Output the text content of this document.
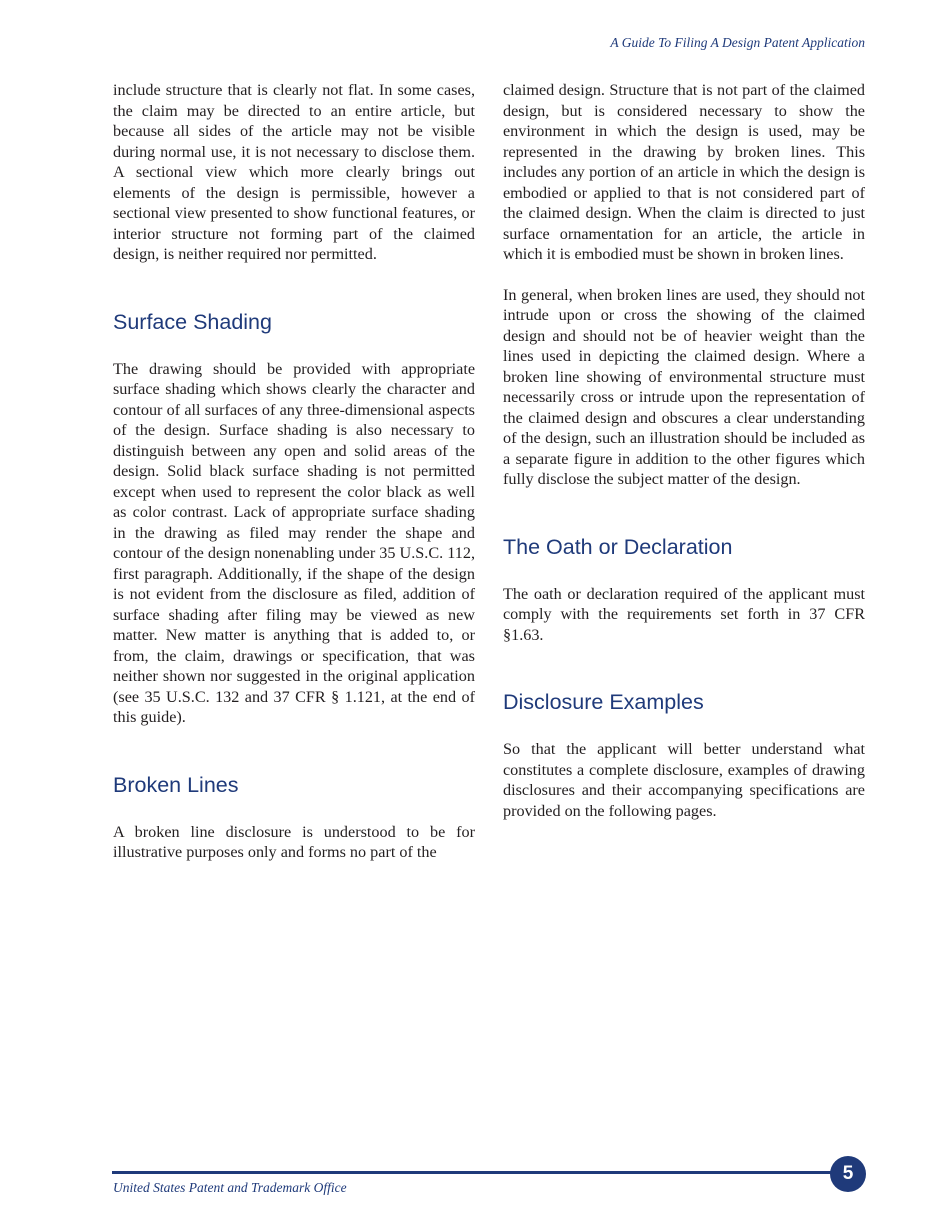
A Guide To Filing A Design Patent Application

include structure that is clearly not flat. In some cases, the claim may be directed to an entire article, but because all sides of the article may not be visible during normal use, it is not necessary to disclose them. A sectional view which more clearly brings out elements of the design is permissible, however a sectional view presented to show functional features, or interior structure not forming part of the claimed design, is neither required nor permitted.

Surface Shading

The drawing should be provided with appropriate surface shading which shows clearly the character and contour of all surfaces of any three-dimensional aspects of the design. Surface shading is also necessary to distinguish between any open and solid areas of the design. Solid black surface shading is not permitted except when used to represent the color black as well as color contrast. Lack of appropriate surface shading in the drawing as filed may render the shape and contour of the design nonenabling under 35 U.S.C. 112, first paragraph. Additionally, if the shape of the design is not evident from the disclosure as filed, addition of surface shading after filing may be viewed as new matter. New matter is anything that is added to, or from, the claim, drawings or specification, that was neither shown nor suggested in the original application (see 35 U.S.C. 132 and 37 CFR § 1.121, at the end of this guide).

Broken Lines

A broken line disclosure is understood to be for illustrative purposes only and forms no part of the

claimed design. Structure that is not part of the claimed design, but is considered necessary to show the environment in which the design is used, may be represented in the drawing by broken lines. This includes any portion of an article in which the design is embodied or applied to that is not considered part of the claimed design. When the claim is directed to just surface ornamentation for an article, the article in which it is embodied must be shown in broken lines.

In general, when broken lines are used, they should not intrude upon or cross the showing of the claimed design and should not be of heavier weight than the lines used in depicting the claimed design. Where a broken line showing of environmental structure must necessarily cross or intrude upon the representation of the claimed design and obscures a clear understanding of the design, such an illustration should be included as a separate figure in addition to the other figures which fully disclose the subject matter of the design.

The Oath or Declaration

The oath or declaration required of the applicant must comply with the requirements set forth in 37 CFR §1.63.

Disclosure Examples

So that the applicant will better understand what constitutes a complete disclosure, examples of drawing disclosures and their accompanying specifications are provided on the following pages.

United States Patent and Trademark Office
5
